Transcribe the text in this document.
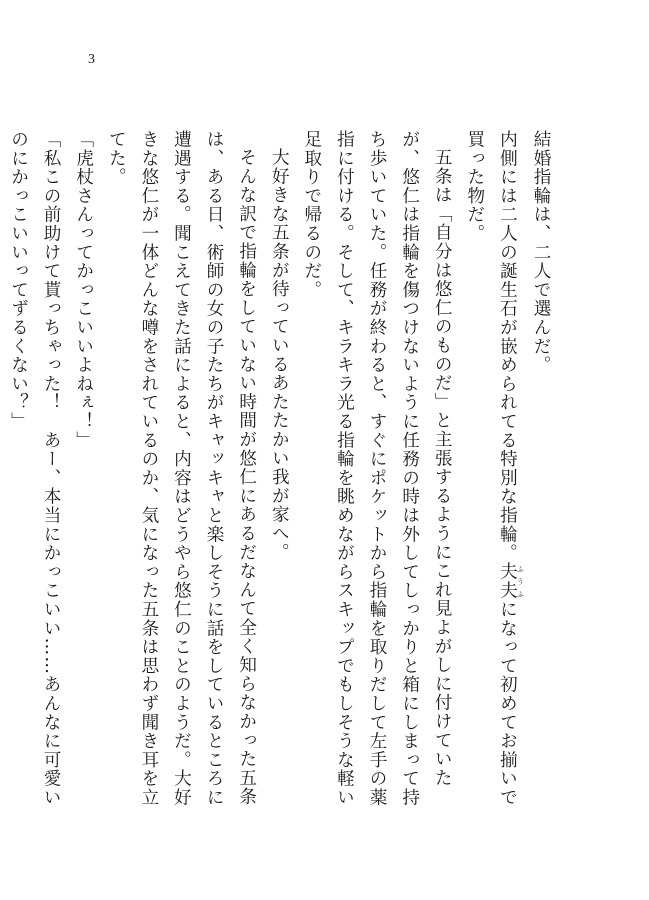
3

結婚指輪は、二人で選んだ。

内側には二人の誕生石が嵌められてる特別な指輪。夫夫 ふうふになって初めてお揃いで買った物だ。

五条は「自分は悠仁のものだ」と主張するようにこれ見よがしに付けていたが、悠仁は指輪を傷つけないように任務の時は外してしっかりと箱にしまって持ち歩いていた。任務が終わると、すぐにポケットから指輪を取りだして左手の薬指に付ける。そして、キラキラ光る指輪を眺めながらスキップでもしそうな軽い足取りで帰るのだ。

大好きな五条が待っているあたたかい我が家へ。

そんな訳で指輪をしていない時間が悠仁にあるだなんて全く知らなかった五条は、ある日、術師の女の子たちがキャッキャと楽しそうに話をしているところに遭遇する。聞こえてきた話によると、内容はどうやら悠仁のことのようだ。大好きな悠仁が一体どんな噂をされているのか、気になった五条は思わず聞き耳を立てた。

「虎杖さんってかっこいいよねぇ！」

「私この前助けて貰っちゃった！　あー、本当にかっこいい……あんなに可愛いのにかっこいいってずるくない？」
